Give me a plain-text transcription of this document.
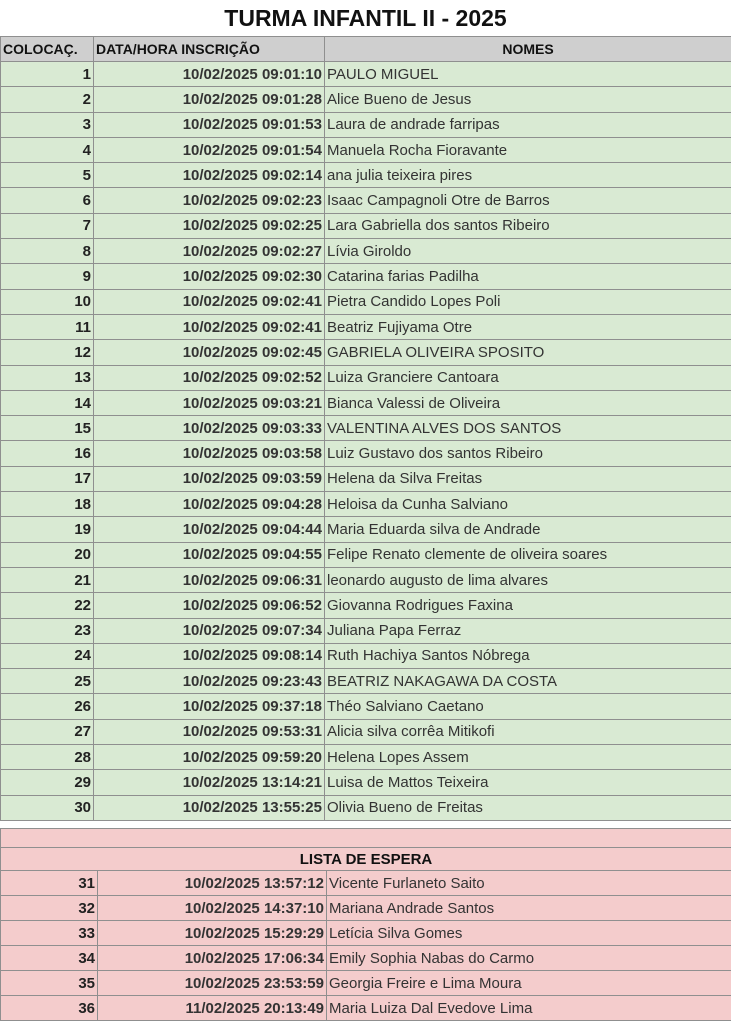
TURMA INFANTIL II - 2025
COLOCAÇ.	DATA/HORA INSCRIÇÃO	NOMES
1	10/02/2025 09:01:10	PAULO MIGUEL
2	10/02/2025 09:01:28	Alice Bueno de Jesus
3	10/02/2025 09:01:53	Laura de andrade farripas
4	10/02/2025 09:01:54	Manuela Rocha Fioravante
5	10/02/2025 09:02:14	ana julia teixeira pires
6	10/02/2025 09:02:23	Isaac Campagnoli Otre de Barros
7	10/02/2025 09:02:25	Lara Gabriella dos santos Ribeiro
8	10/02/2025 09:02:27	Lívia Giroldo
9	10/02/2025 09:02:30	Catarina farias Padilha
10	10/02/2025 09:02:41	Pietra Candido Lopes Poli
11	10/02/2025 09:02:41	Beatriz Fujiyama Otre
12	10/02/2025 09:02:45	GABRIELA OLIVEIRA SPOSITO
13	10/02/2025 09:02:52	Luiza Granciere Cantoara
14	10/02/2025 09:03:21	Bianca Valessi de Oliveira
15	10/02/2025 09:03:33	VALENTINA ALVES DOS SANTOS
16	10/02/2025 09:03:58	Luiz Gustavo dos santos Ribeiro
17	10/02/2025 09:03:59	Helena da Silva Freitas
18	10/02/2025 09:04:28	Heloisa da Cunha Salviano
19	10/02/2025 09:04:44	Maria Eduarda silva de Andrade
20	10/02/2025 09:04:55	Felipe Renato clemente de oliveira soares
21	10/02/2025 09:06:31	leonardo augusto de lima alvares
22	10/02/2025 09:06:52	Giovanna Rodrigues Faxina
23	10/02/2025 09:07:34	Juliana Papa Ferraz
24	10/02/2025 09:08:14	Ruth Hachiya Santos Nóbrega
25	10/02/2025 09:23:43	BEATRIZ NAKAGAWA DA COSTA
26	10/02/2025 09:37:18	Théo Salviano Caetano
27	10/02/2025 09:53:31	Alicia silva corrêa Mitikofi
28	10/02/2025 09:59:20	Helena Lopes Assem
29	10/02/2025 13:14:21	Luisa de Mattos Teixeira
30	10/02/2025 13:55:25	Olivia Bueno de Freitas

LISTA DE ESPERA		
31	10/02/2025 13:57:12	Vicente Furlaneto Saito
32	10/02/2025 14:37:10	Mariana Andrade Santos
33	10/02/2025 15:29:29	Letícia Silva Gomes
34	10/02/2025 17:06:34	Emily Sophia Nabas do Carmo
35	10/02/2025 23:53:59	Georgia Freire e Lima Moura
36	11/02/2025 20:13:49	Maria Luiza Dal Evedove Lima
